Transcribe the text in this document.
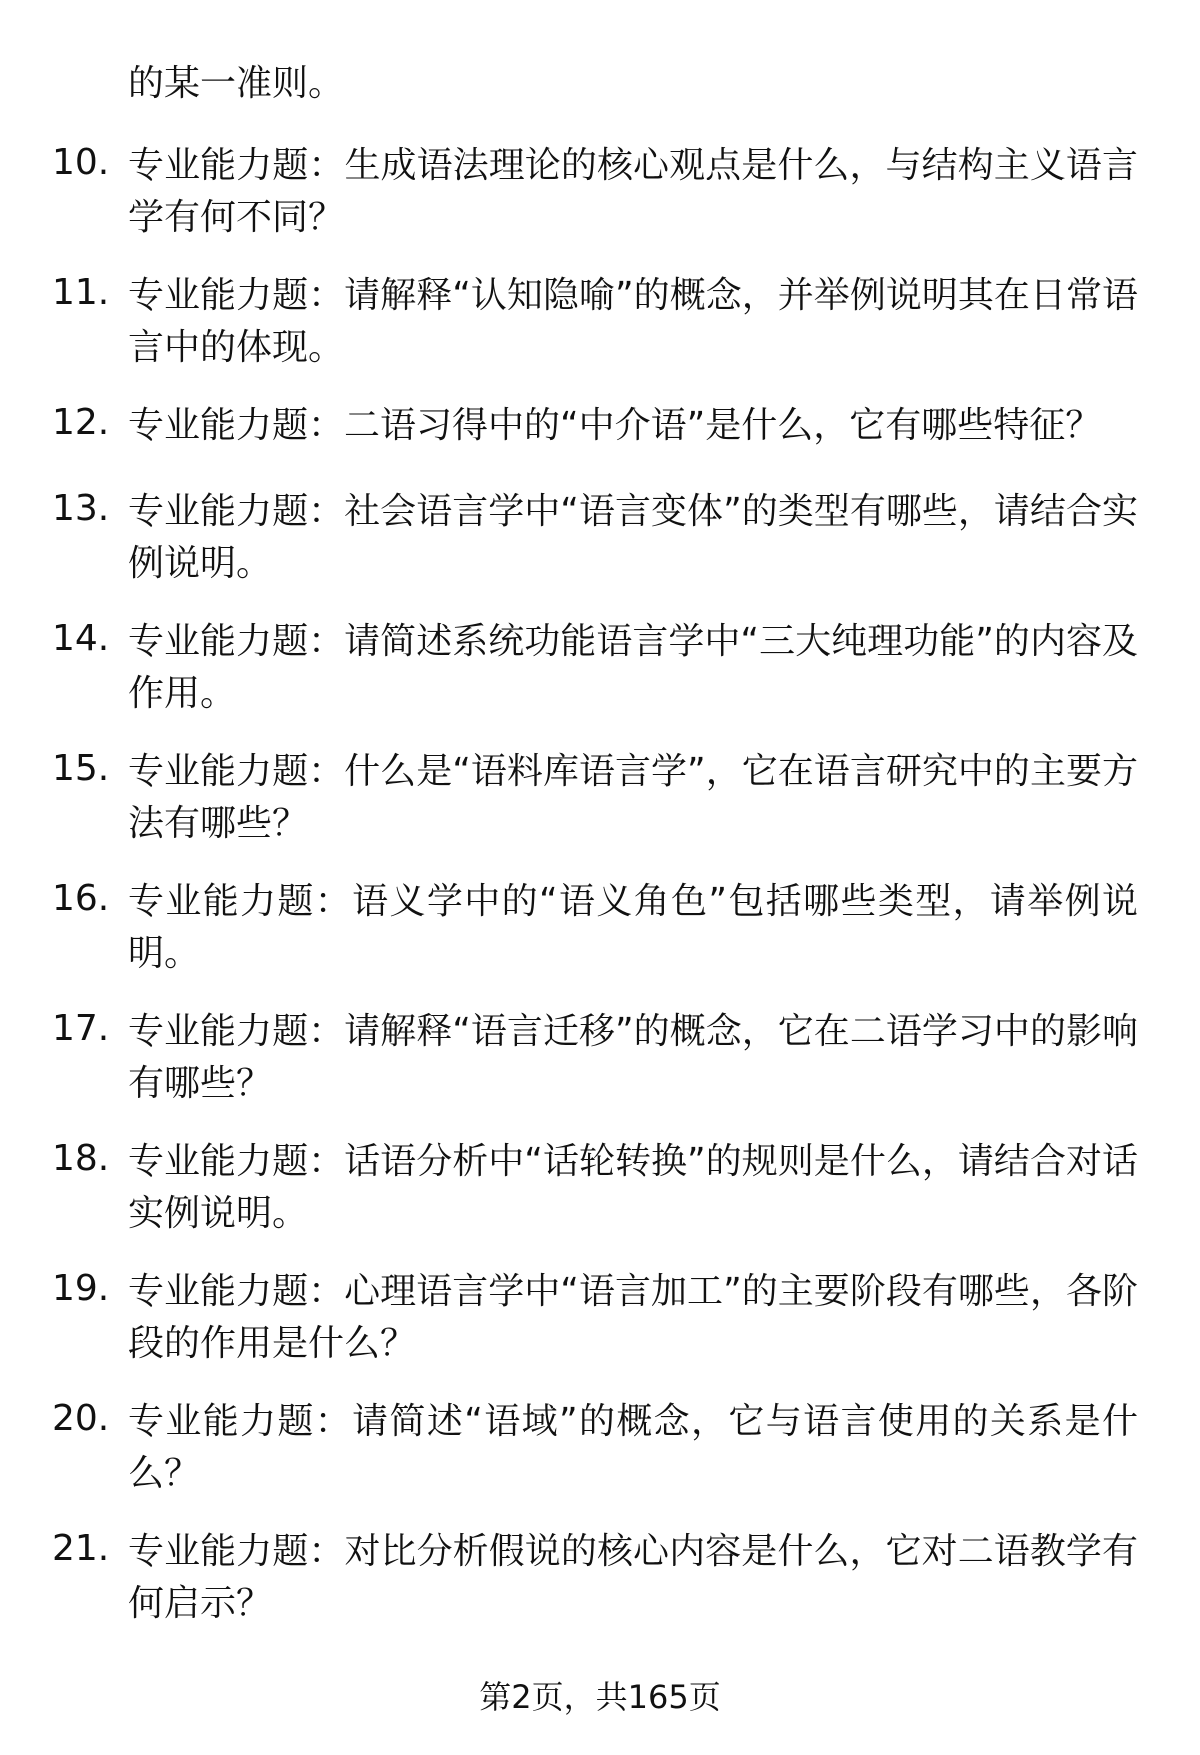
的某一准则。
10. 专业能力题：生成语法理论的核心观点是什么，与结构主义语言学有何不同？
11. 专业能力题：请解释“认知隐喻”的概念，并举例说明其在日常语言中的体现。
12. 专业能力题：二语习得中的“中介语”是什么，它有哪些特征？
13. 专业能力题：社会语言学中“语言变体”的类型有哪些，请结合实例说明。
14. 专业能力题：请简述系统功能语言学中“三大纯理功能”的内容及作用。
15. 专业能力题：什么是“语料库语言学”，它在语言研究中的主要方法有哪些？
16. 专业能力题：语义学中的“语义角色”包括哪些类型，请举例说明。
17. 专业能力题：请解释“语言迁移”的概念，它在二语学习中的影响有哪些？
18. 专业能力题：话语分析中“话轮转换”的规则是什么，请结合对话实例说明。
19. 专业能力题：心理语言学中“语言加工”的主要阶段有哪些，各阶段的作用是什么？
20. 专业能力题：请简述“语域”的概念，它与语言使用的关系是什么？
21. 专业能力题：对比分析假说的核心内容是什么，它对二语教学有何启示？
第2页，共165页
